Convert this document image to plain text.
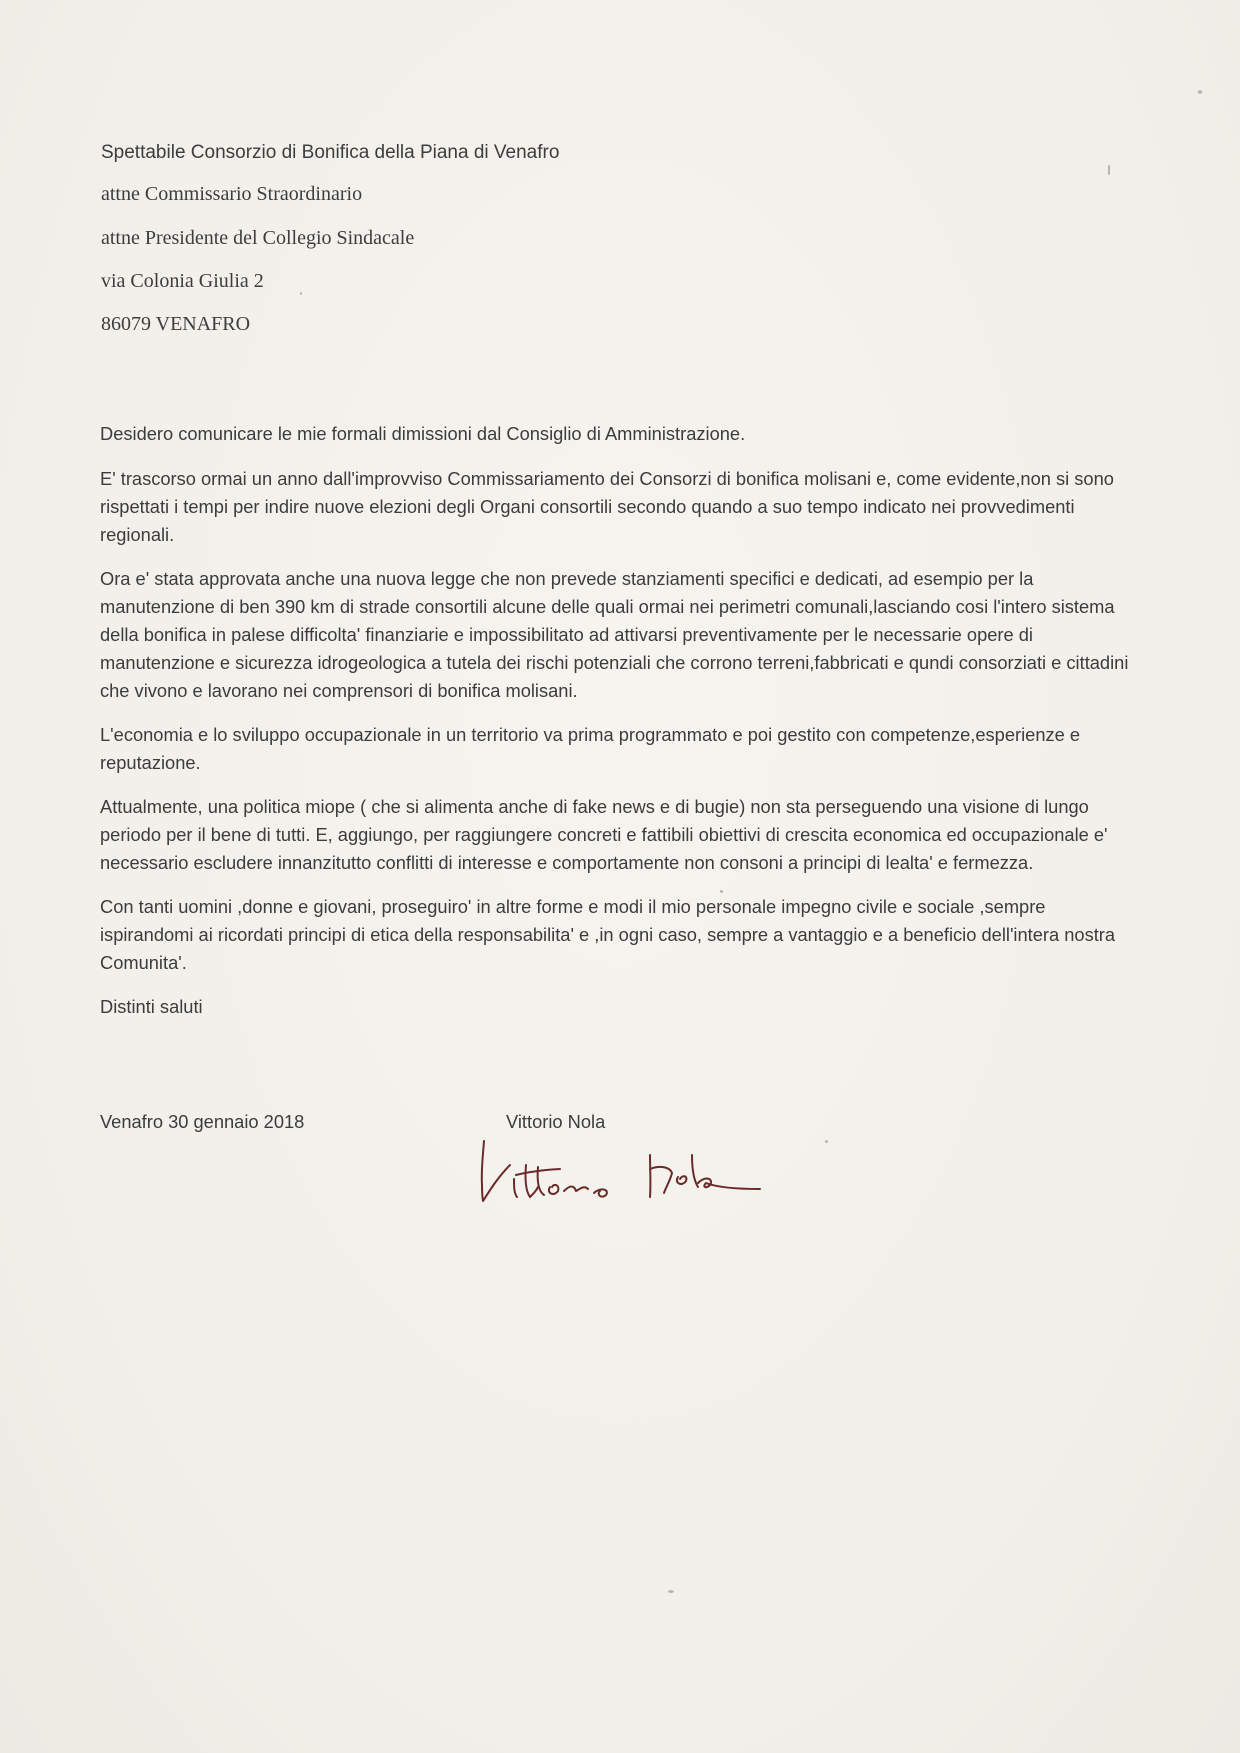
Spettabile Consorzio di Bonifica della Piana di Venafro

attne Commissario Straordinario

attne Presidente del Collegio Sindacale

via Colonia Giulia 2

86079 VENAFRO

Desidero comunicare le mie formali dimissioni dal Consiglio di Amministrazione.

E' trascorso ormai un anno dall'improvviso Commissariamento dei Consorzi di bonifica molisani e, come evidente,non si sono rispettati i tempi per indire nuove elezioni degli Organi consortili secondo quando a suo tempo indicato nei provvedimenti regionali.

Ora e' stata approvata anche una nuova legge che non prevede stanziamenti specifici e dedicati, ad esempio per la manutenzione di ben 390 km di strade consortili alcune delle quali ormai nei perimetri comunali,lasciando cosi l'intero sistema della bonifica in palese difficolta' finanziarie e impossibilitato ad attivarsi preventivamente per le necessarie opere di manutenzione e sicurezza idrogeologica a tutela dei rischi potenziali che corrono terreni,fabbricati e qundi consorziati e cittadini che vivono e lavorano nei comprensori di bonifica molisani.

L'economia e lo sviluppo occupazionale in un territorio va prima programmato e poi gestito con competenze,esperienze e reputazione.

Attualmente, una politica miope ( che si alimenta anche di fake news e di bugie) non sta perseguendo una visione di lungo periodo per il bene di tutti. E, aggiungo, per raggiungere concreti e fattibili obiettivi di crescita economica ed occupazionale e' necessario escludere innanzitutto conflitti di interesse e comportamente non consoni a principi di lealta' e fermezza.

Con tanti uomini ,donne e giovani, proseguiro' in altre forme e modi il mio personale impegno civile e sociale ,sempre ispirandomi ai ricordati principi di etica della responsabilita' e ,in ogni caso, sempre a vantaggio e a beneficio dell'intera nostra Comunita'.

Distinti saluti

Venafro 30 gennaio 2018	Vittorio Nola
